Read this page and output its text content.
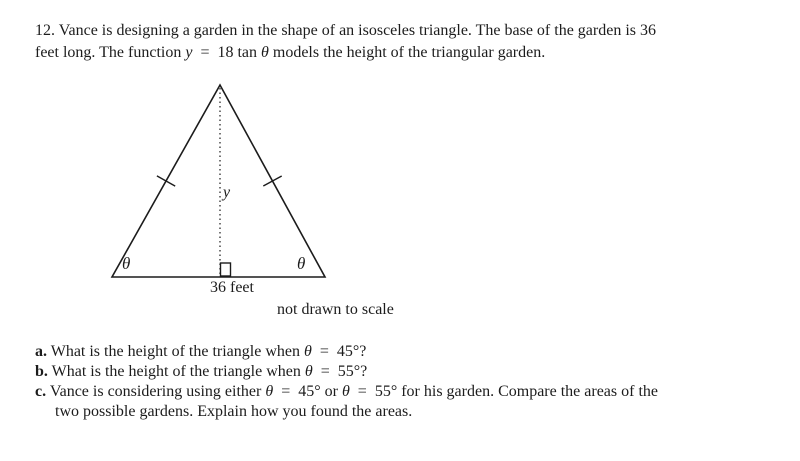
12. Vance is designing a garden in the shape of an isosceles triangle. The base of the garden is 36
feet long. The function y  =  18 tan θ models the height of the triangular garden.
y
θ	θ
36 feet
not drawn to scale
a. What is the height of the triangle when θ  =  45°?
b. What is the height of the triangle when θ  =  55°?
c. Vance is considering using either θ  =  45° or θ  =  55° for his garden. Compare the areas of the
two possible gardens. Explain how you found the areas.
